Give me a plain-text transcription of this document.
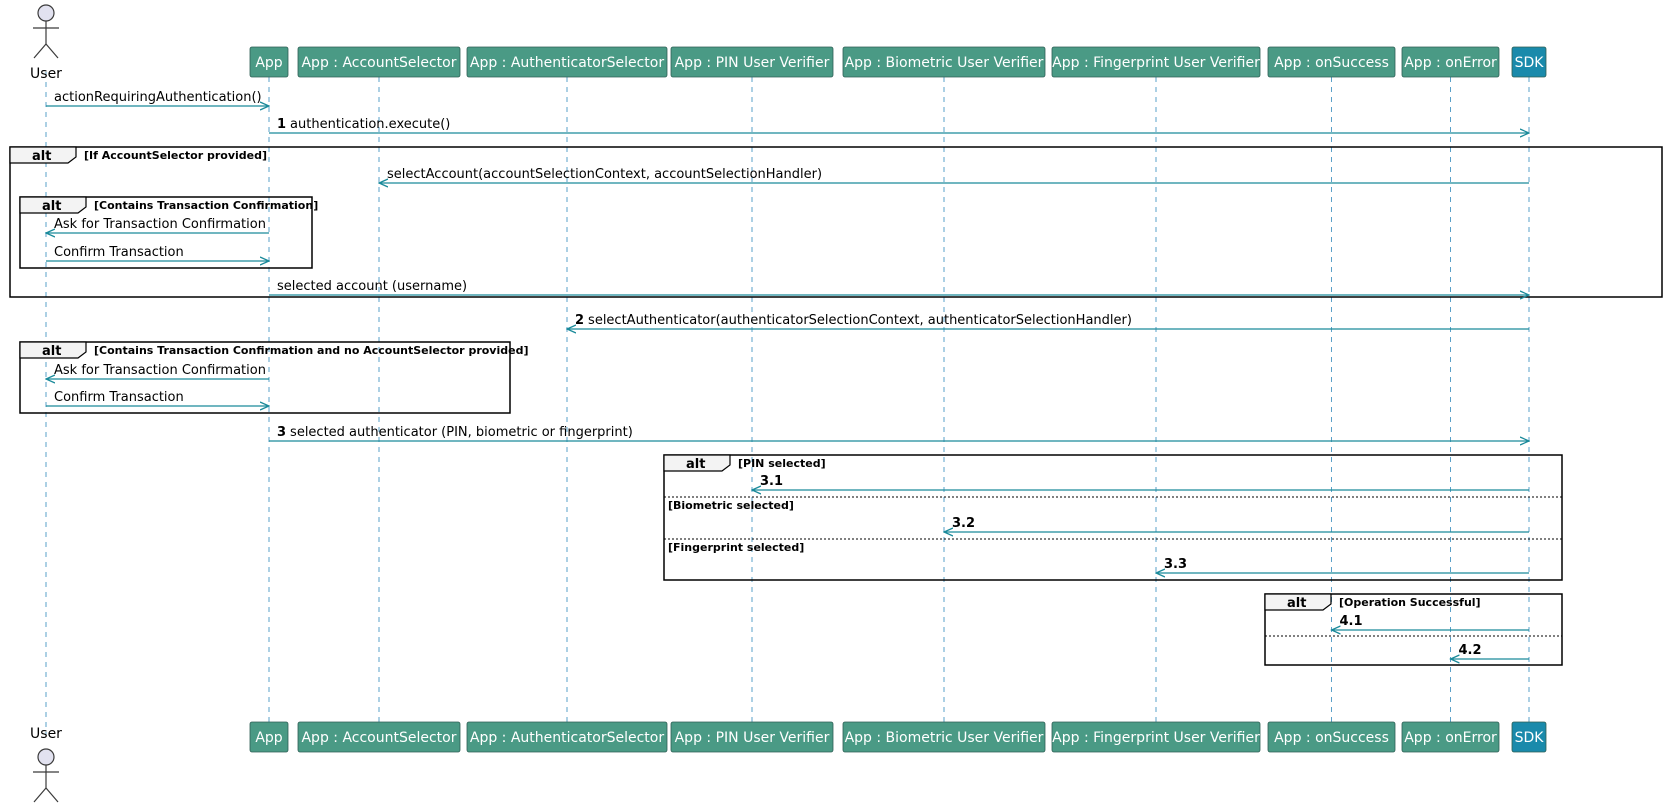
alt	[If AccountSelector provided]
alt	[Contains Transaction Confirmation]
alt	[Contains Transaction Confirmation and no AccountSelector provided]
alt	[PIN selected]
[Biometric selected]
[Fingerprint selected]
alt	[Operation Successful]
actionRequiringAuthentication()
1 authentication.execute()
selectAccount(accountSelectionContext, accountSelectionHandler)
Ask for Transaction Confirmation
Confirm Transaction
selected account (username)
2 selectAuthenticator(authenticatorSelectionContext, authenticatorSelectionHandler)
Ask for Transaction Confirmation
Confirm Transaction
3 selected authenticator (PIN, biometric or fingerprint)
3.1
3.2
3.3
4.1
4.2
User
User
App
App
App : AccountSelector
App : AccountSelector
App : AuthenticatorSelector
App : AuthenticatorSelector
App : PIN User Verifier
App : PIN User Verifier
App : Biometric User Verifier
App : Biometric User Verifier
App : Fingerprint User Verifier
App : Fingerprint User Verifier
App : onSuccess
App : onSuccess
App : onError
App : onError
SDK
SDK
